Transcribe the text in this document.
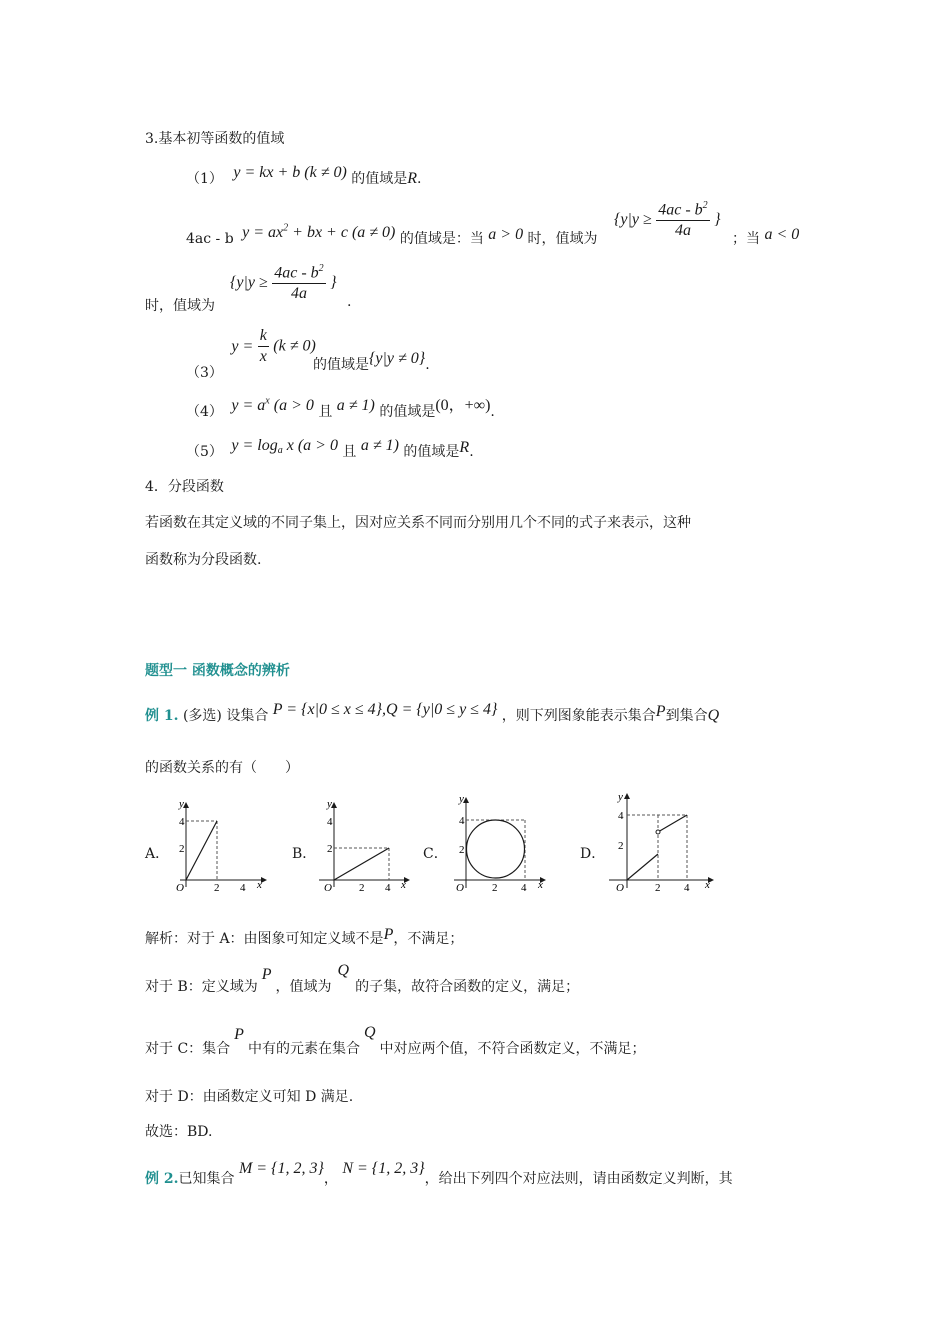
3.基本初等函数的值域
（1） y = kx + b (k ≠ 0) 的值域是R.
4ac - b $y = ax^2$ + bx + c (a ≠ 0) 的值域是：当 a > 0 时，值域为
{$y|y \ge \frac{4ac - b^2}{4a}$ }
；当 a < 0
时，值域为
{$y|y \ge \frac{4ac - b^2}{4a}$ }
.
（3） $y = \frac{k}{x} (k \ne 0)$
的值域是{y|y ≠ 0}.
（4） $y = a^x$ (a > 0 且 a ≠ 1) 的值域是(0，+∞).
（5） $y = \log_a x$ (a > 0 且 a ≠ 1) 的值域是R.
4．分段函数
若函数在其定义域的不同子集上，因对应关系不同而分别用几个不同的式子来表示，这种
函数称为分段函数.
题型一 函数概念的辨析
例 1. (多选) 设集合 P = {x|0 ≤ x ≤ 4},Q = {y|0 ≤ y ≤ 4} ，则下列图象能表示集合P到集合Q
的函数关系的有（　　）
A．	B．	C．	D．
y
4
2
O	2 4 x
y
4
2
O 2 4 x
y
4
2
O	2 4 x
y
4
2
O	2 4 x
解析：对于 A：由图象可知定义域不是P，不满足；
对于 B：定义域为P，值域为Q的子集，故符合函数的定义，满足；
对于 C：集合P中有的元素在集合Q中对应两个值，不符合函数定义，不满足；
对于 D：由函数定义可知 D 满足.
故选：BD.
例 2.已知集合 M = {1, 2, 3}， N = {1, 2, 3}，给出下列四个对应法则，请由函数定义判断，其
